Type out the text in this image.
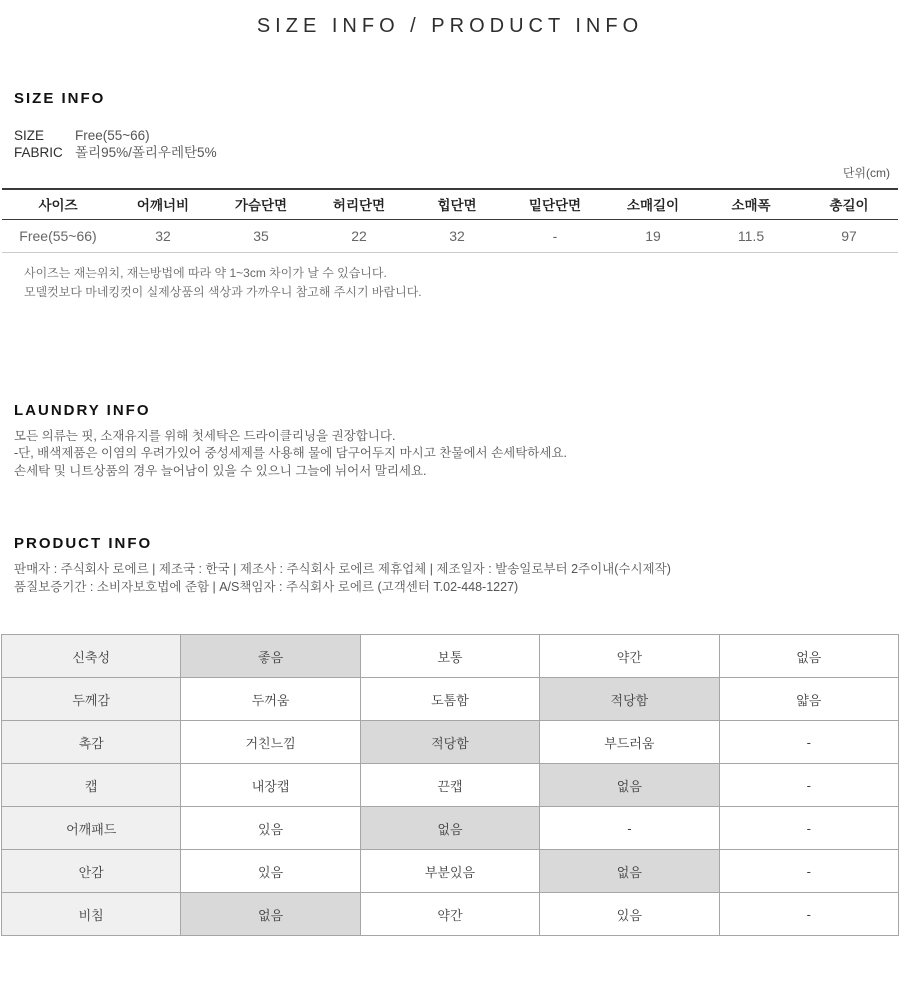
SIZE INFO / PRODUCT INFO
SIZE INFO
SIZE	Free(55~66)
FABRIC 폴리95%/폴리우레탄5%
단위(cm)
사이즈	어깨너비	가슴단면	허리단면	힙단면	밑단단면	소매길이	소매폭	총길이
Free(55~66)	32	35	22	32	-	19	11.5	97
사이즈는 재는위치, 재는방법에 따라 약 1~3cm 차이가 날 수 있습니다.
모델컷보다 마네킹컷이 실제상품의 색상과 가까우니 참고해 주시기 바랍니다.
LAUNDRY INFO
모든 의류는 핏, 소재유지를 위해 첫세탁은 드라이클리닝을 권장합니다.
-단, 배색제품은 이염의 우려가있어 중성세제를 사용해 물에 담구어두지 마시고 찬물에서 손세탁하세요.
손세탁 및 니트상품의 경우 늘어남이 있을 수 있으니 그늘에 뉘어서 말리세요.
PRODUCT INFO
판매자 : 주식회사 로에르 | 제조국 : 한국 | 제조사 : 주식회사 로에르 제휴업체 | 제조일자 : 발송일로부터 2주이내(수시제작)
품질보증기간 : 소비자보호법에 준함 | A/S책임자 : 주식회사 로에르 (고객센터 T.02-448-1227)
신축성	좋음	보통	약간	없음
두께감	두꺼움	도톰함	적당함	얇음
촉감	거친느낌	적당함	부드러움	-
캡	내장캡	끈캡	없음	-
어깨패드	있음	없음	-	-
안감	있음	부분있음	없음	-
비침	없음	약간	있음	-
